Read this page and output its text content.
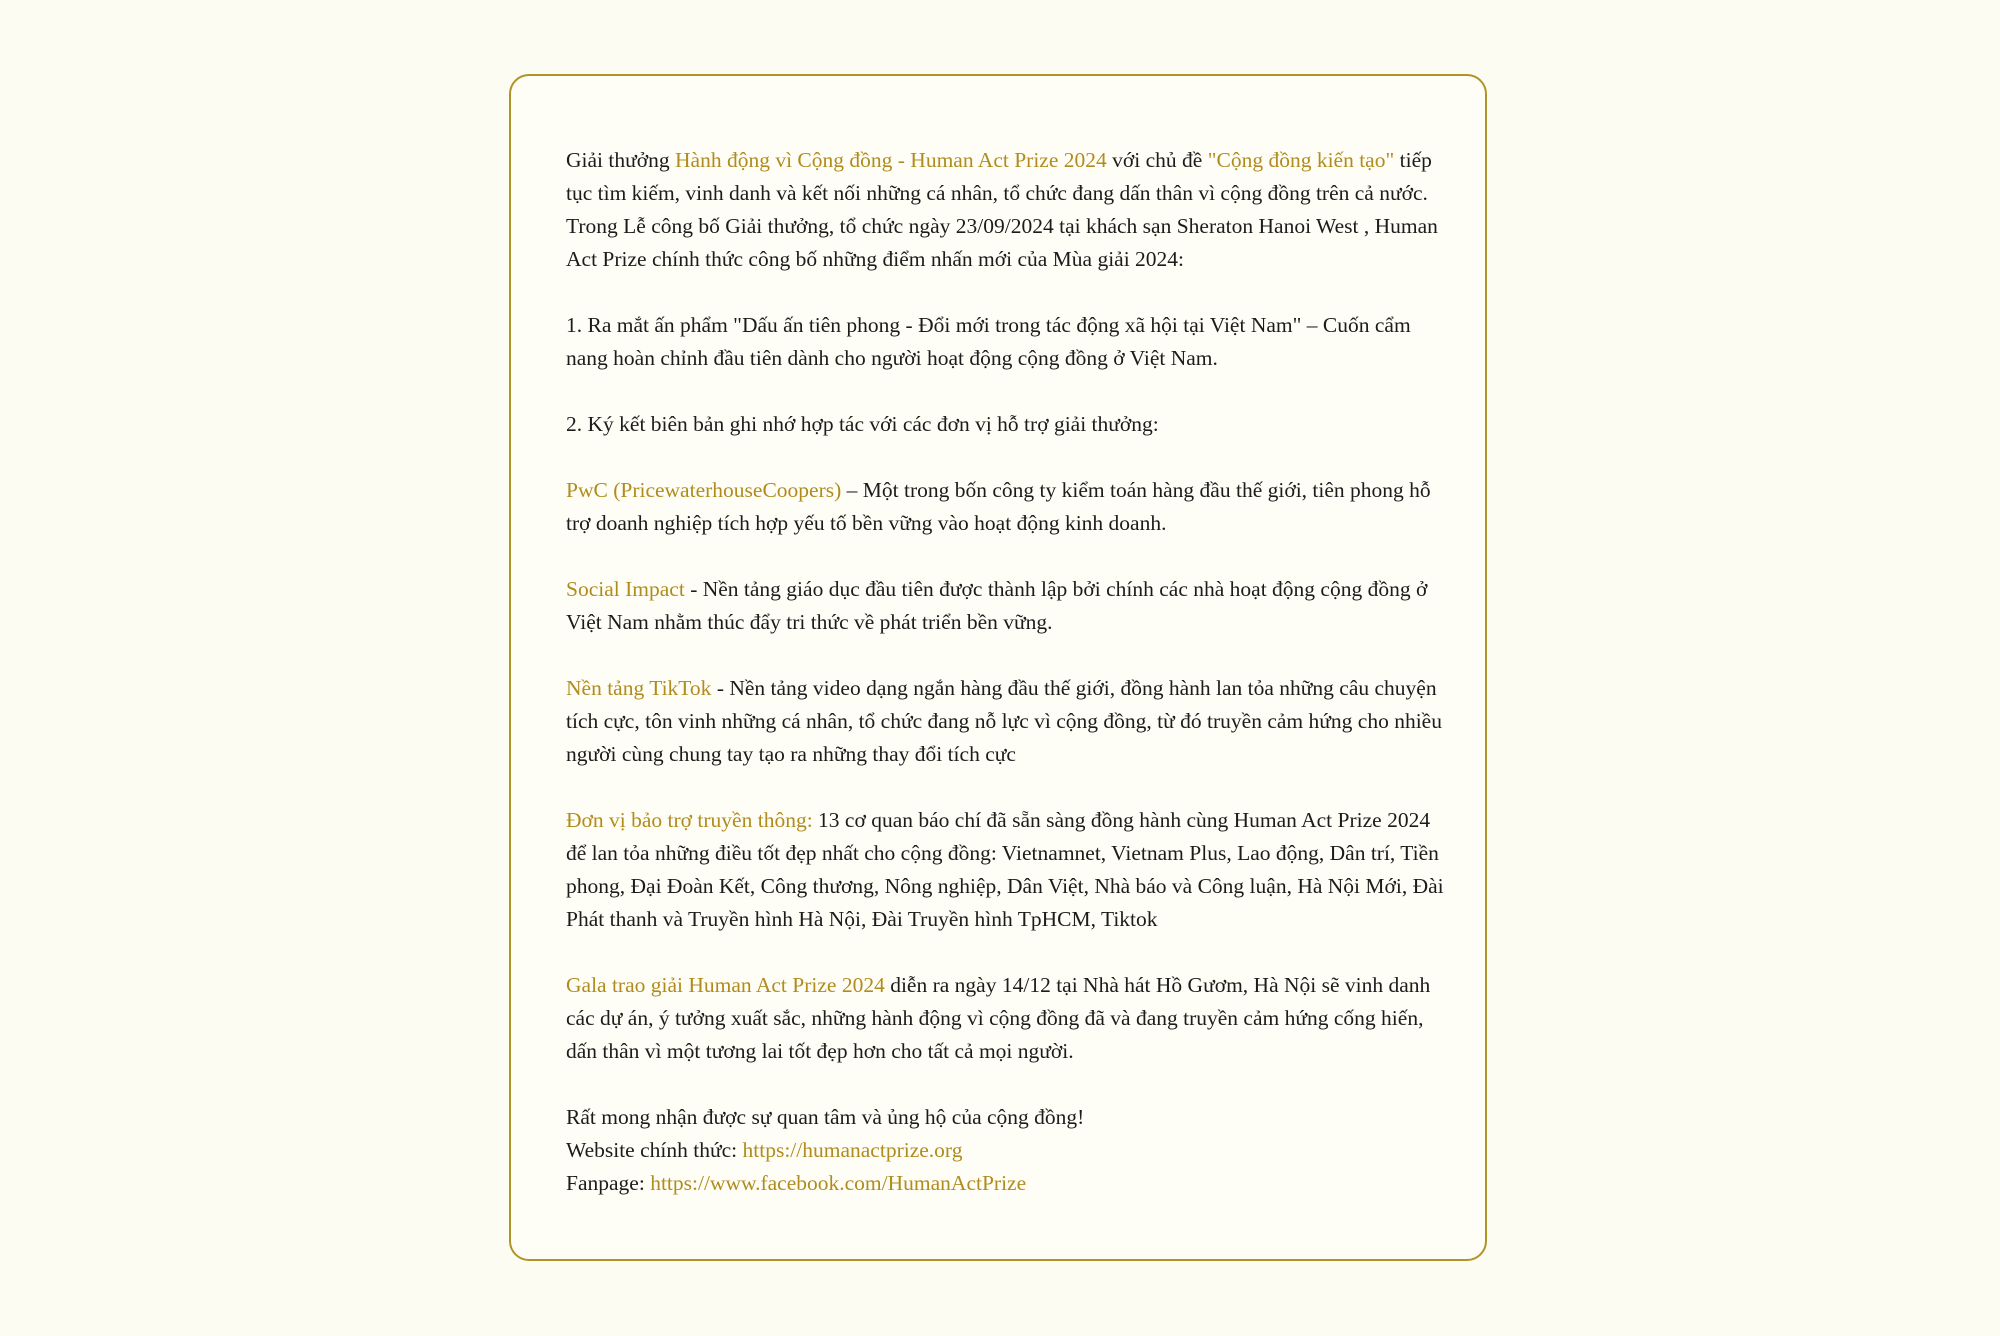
Giải thưởng Hành động vì Cộng đồng - Human Act Prize 2024 với chủ đề "Cộng đồng kiến tạo" tiếp tục tìm kiếm, vinh danh và kết nối những cá nhân, tổ chức đang dấn thân vì cộng đồng trên cả nước. Trong Lễ công bố Giải thưởng, tổ chức ngày 23/09/2024 tại khách sạn Sheraton Hanoi West , Human Act Prize chính thức công bố những điểm nhấn mới của Mùa giải 2024:

1. Ra mắt ấn phẩm "Dấu ấn tiên phong - Đổi mới trong tác động xã hội tại Việt Nam" – Cuốn cẩm nang hoàn chỉnh đầu tiên dành cho người hoạt động cộng đồng ở Việt Nam.

2. Ký kết biên bản ghi nhớ hợp tác với các đơn vị hỗ trợ giải thưởng:

PwC (PricewaterhouseCoopers) – Một trong bốn công ty kiểm toán hàng đầu thế giới, tiên phong hỗ trợ doanh nghiệp tích hợp yếu tố bền vững vào hoạt động kinh doanh.

Social Impact - Nền tảng giáo dục đầu tiên được thành lập bởi chính các nhà hoạt động cộng đồng ở Việt Nam nhằm thúc đẩy tri thức về phát triển bền vững.

Nền tảng TikTok - Nền tảng video dạng ngắn hàng đầu thế giới, đồng hành lan tỏa những câu chuyện tích cực, tôn vinh những cá nhân, tổ chức đang nỗ lực vì cộng đồng, từ đó truyền cảm hứng cho nhiều người cùng chung tay tạo ra những thay đổi tích cực

Đơn vị bảo trợ truyền thông: 13 cơ quan báo chí đã sẵn sàng đồng hành cùng Human Act Prize 2024 để lan tỏa những điều tốt đẹp nhất cho cộng đồng: Vietnamnet, Vietnam Plus, Lao động, Dân trí, Tiền phong, Đại Đoàn Kết, Công thương, Nông nghiệp, Dân Việt, Nhà báo và Công luận, Hà Nội Mới, Đài Phát thanh và Truyền hình Hà Nội, Đài Truyền hình TpHCM, Tiktok

Gala trao giải Human Act Prize 2024 diễn ra ngày 14/12 tại Nhà hát Hồ Gươm, Hà Nội sẽ vinh danh các dự án, ý tưởng xuất sắc, những hành động vì cộng đồng đã và đang truyền cảm hứng cống hiến, dấn thân vì một tương lai tốt đẹp hơn cho tất cả mọi người.

Rất mong nhận được sự quan tâm và ủng hộ của cộng đồng!
Website chính thức: https://humanactprize.org
Fanpage: https://www.facebook.com/HumanActPrize
